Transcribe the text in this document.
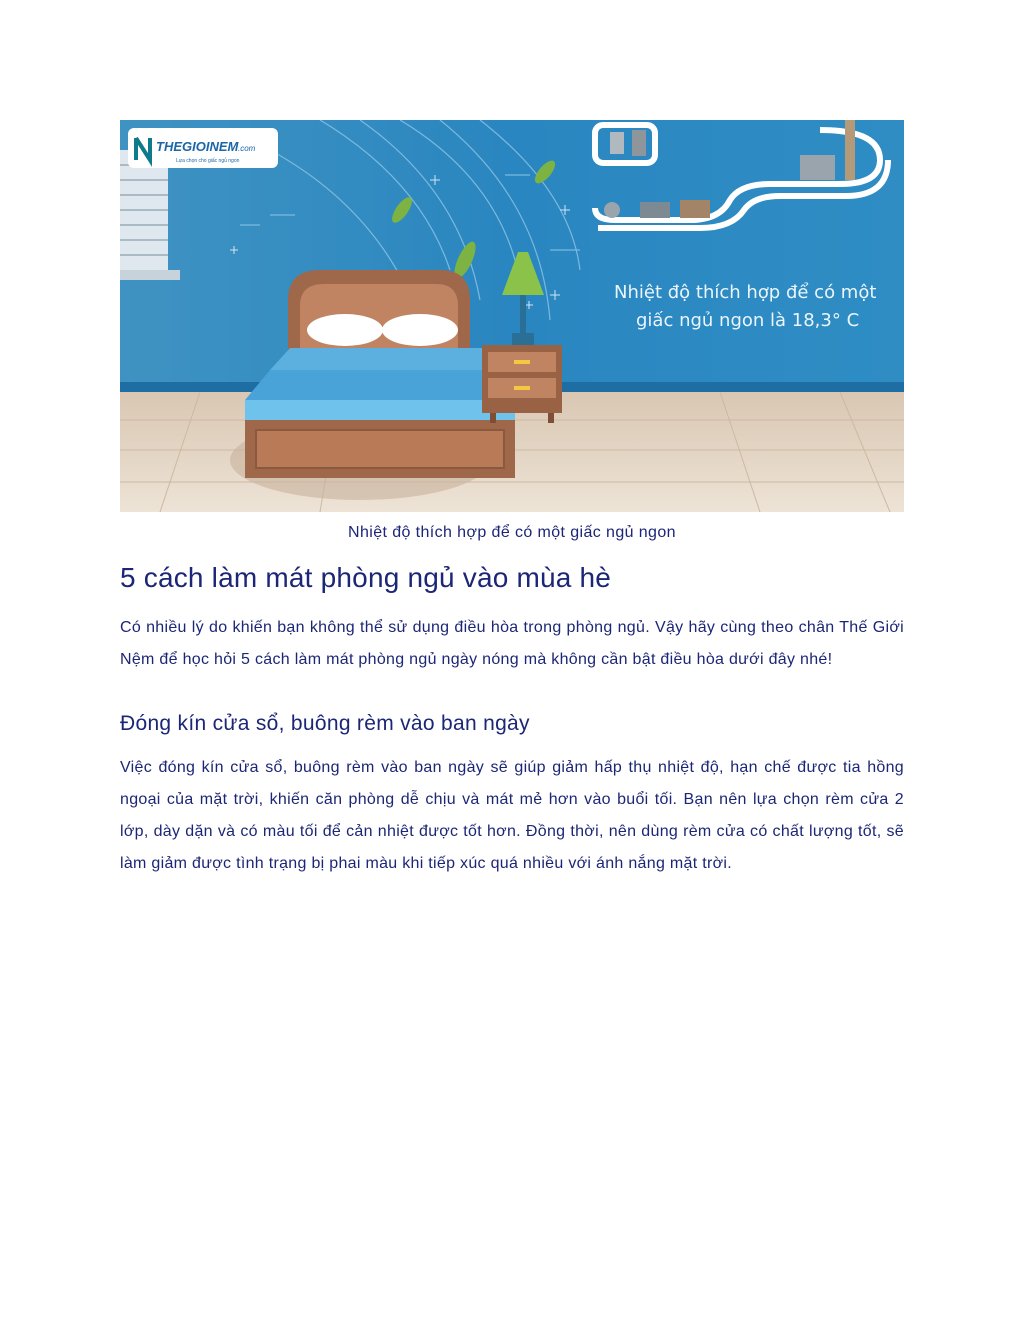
THEGIOINEM .com
Lựa chọn cho giấc ngủ ngon
Nhiệt độ thích hợp để có một
giấc ngủ ngon là 18,3° C
Nhiệt độ thích hợp để có một giấc ngủ ngon
5 cách làm mát phòng ngủ vào mùa hè

Có nhiều lý do khiến bạn không thể sử dụng điều hòa trong phòng ngủ. Vậy hãy cùng theo chân Thế Giới Nệm để học hỏi 5 cách làm mát phòng ngủ ngày nóng mà không cần bật điều hòa dưới đây nhé!

Đóng kín cửa sổ, buông rèm vào ban ngày

Việc đóng kín cửa sổ, buông rèm vào ban ngày sẽ giúp giảm hấp thụ nhiệt độ, hạn chế được tia hồng ngoại của mặt trời, khiến căn phòng dễ chịu và mát mẻ hơn vào buổi tối. Bạn nên lựa chọn rèm cửa 2 lớp, dày dặn và có màu tối để cản nhiệt được tốt hơn. Đồng thời, nên dùng rèm cửa có chất lượng tốt, sẽ làm giảm được tình trạng bị phai màu khi tiếp xúc quá nhiều với ánh nắng mặt trời.
